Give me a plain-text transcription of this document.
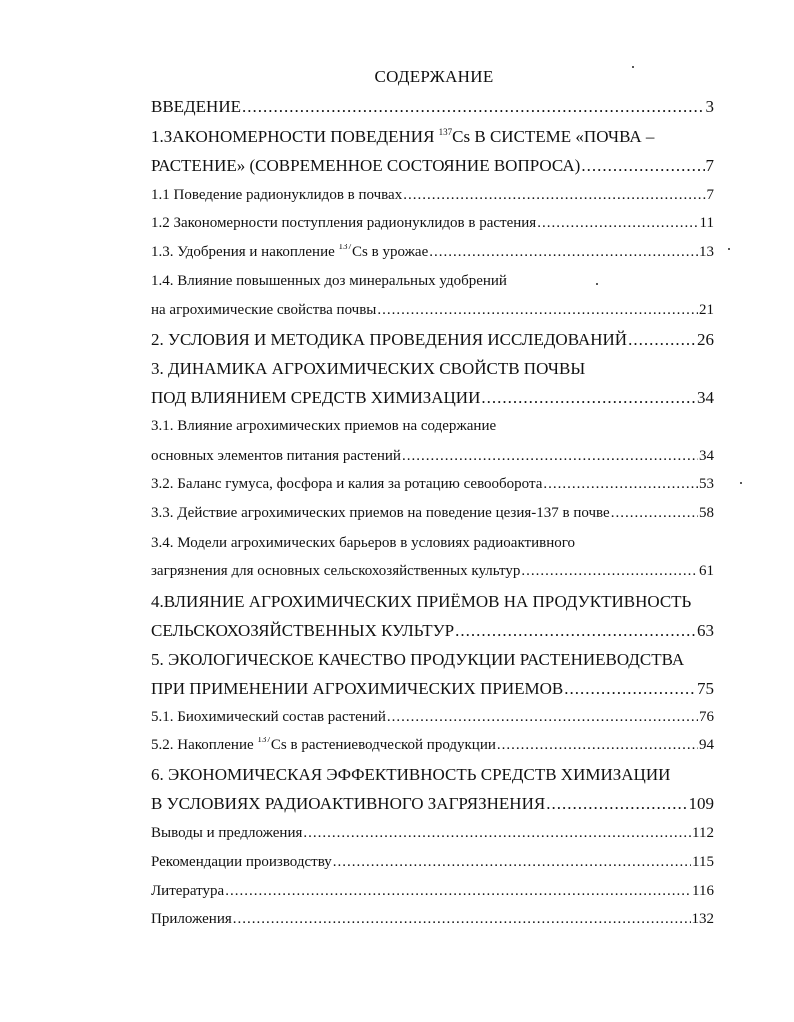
СОДЕРЖАНИЕ
ВВЕДЕНИЕ .....	3
1.ЗАКОНОМЕРНОСТИ ПОВЕДЕНИЯ $^{137}$Cs В СИСТЕМЕ «ПОЧВА –
РАСТЕНИЕ» (СОВРЕМЕННОЕ СОСТОЯНИЕ ВОПРОСА) .....	7
1.1 Поведение радионуклидов в почвах .....	7
1.2 Закономерности поступления радионуклидов в растения .....	11
1.3. Удобрения и накопление $^{137}$Cs в урожае .....	13
1.4. Влияние повышенных доз минеральных удобрений
на агрохимические свойства почвы .....	21
2. УСЛОВИЯ И МЕТОДИКА ПРОВЕДЕНИЯ ИССЛЕДОВАНИЙ .....	26
3. ДИНАМИКА АГРОХИМИЧЕСКИХ СВОЙСТВ ПОЧВЫ
ПОД ВЛИЯНИЕМ СРЕДСТВ ХИМИЗАЦИИ .....	34
3.1. Влияние агрохимических приемов на содержание
основных элементов питания растений .....	34
3.2. Баланс гумуса, фосфора и калия за ротацию севооборота .....	53
3.3. Действие агрохимических приемов на поведение цезия-137 в почве .....	58
3.4. Модели агрохимических барьеров в условиях радиоактивного
загрязнения для основных сельскохозяйственных культур .....	61
4.ВЛИЯНИЕ АГРОХИМИЧЕСКИХ ПРИЁМОВ НА ПРОДУКТИВНОСТЬ
СЕЛЬСКОХОЗЯЙСТВЕННЫХ КУЛЬТУР .....	63
5. ЭКОЛОГИЧЕСКОЕ КАЧЕСТВО ПРОДУКЦИИ РАСТЕНИЕВОДСТВА
ПРИ ПРИМЕНЕНИИ АГРОХИМИЧЕСКИХ ПРИЕМОВ .....	75
5.1. Биохимический состав растений .....	76
5.2. Накопление $^{137}$Cs в растениеводческой продукции .....	94
6. ЭКОНОМИЧЕСКАЯ ЭФФЕКТИВНОСТЬ СРЕДСТВ ХИМИЗАЦИИ
В УСЛОВИЯХ РАДИОАКТИВНОГО ЗАГРЯЗНЕНИЯ .....	109
Выводы и предложения .....	112
Рекомендации производству .....	115
Литература .....	116
Приложения .....	132
